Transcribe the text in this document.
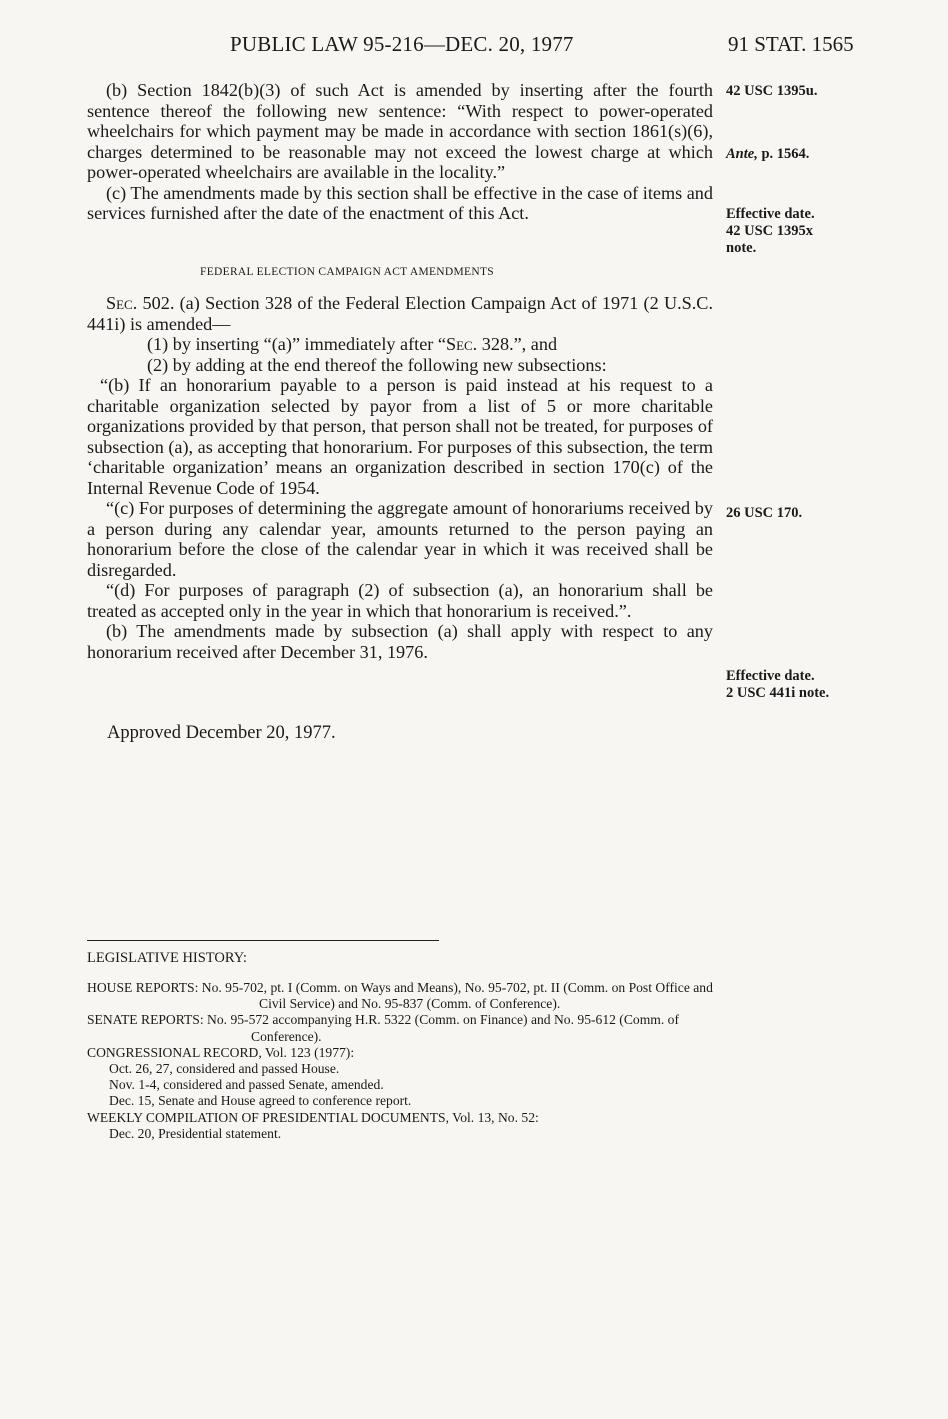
PUBLIC LAW 95-216—DEC. 20, 1977	91 STAT. 1565

(b) Section 1842(b)(3) of such Act is amended by inserting after the fourth sentence thereof the following new sentence: “With respect to power-operated wheelchairs for which payment may be made in accordance with section 1861(s)(6), charges determined to be reasonable may not exceed the lowest charge at which power-operated wheelchairs are available in the locality.”

(c) The amendments made by this section shall be effective in the case of items and services furnished after the date of the enactment of this Act.

FEDERAL ELECTION CAMPAIGN ACT AMENDMENTS

Sec. 502. (a) Section 328 of the Federal Election Campaign Act of 1971 (2 U.S.C. 441i) is amended—

(1) by inserting “(a)” immediately after “Sec. 328.”, and

(2) by adding at the end thereof the following new subsections:

“(b) If an honorarium payable to a person is paid instead at his request to a charitable organization selected by payor from a list of 5 or more charitable organizations provided by that person, that person shall not be treated, for purposes of subsection (a), as accepting that honorarium. For purposes of this subsection, the term ‘charitable organization’ means an organization described in section 170(c) of the Internal Revenue Code of 1954.

“(c) For purposes of determining the aggregate amount of honorariums received by a person during any calendar year, amounts returned to the person paying an honorarium before the close of the calendar year in which it was received shall be disregarded.

“(d) For purposes of paragraph (2) of subsection (a), an honorarium shall be treated as accepted only in the year in which that honorarium is received.”.

(b) The amendments made by subsection (a) shall apply with respect to any honorarium received after December 31, 1976.

Approved December 20, 1977.
42 USC 1395u.
Ante, p. 1564.
Effective date.
42 USC 1395x
note.
26 USC 170.
Effective date.
2 USC 441i note.
LEGISLATIVE HISTORY:

HOUSE REPORTS: No. 95-702, pt. I (Comm. on Ways and Means), No. 95-702, pt. II (Comm. on Post Office and Civil Service) and No. 95-837 (Comm. of Conference).

SENATE REPORTS: No. 95-572 accompanying H.R. 5322 (Comm. on Finance) and No. 95-612 (Comm. of Conference).

CONGRESSIONAL RECORD, Vol. 123 (1977):

Oct. 26, 27, considered and passed House.

Nov. 1-4, considered and passed Senate, amended.

Dec. 15, Senate and House agreed to conference report.

WEEKLY COMPILATION OF PRESIDENTIAL DOCUMENTS, Vol. 13, No. 52:

Dec. 20, Presidential statement.
